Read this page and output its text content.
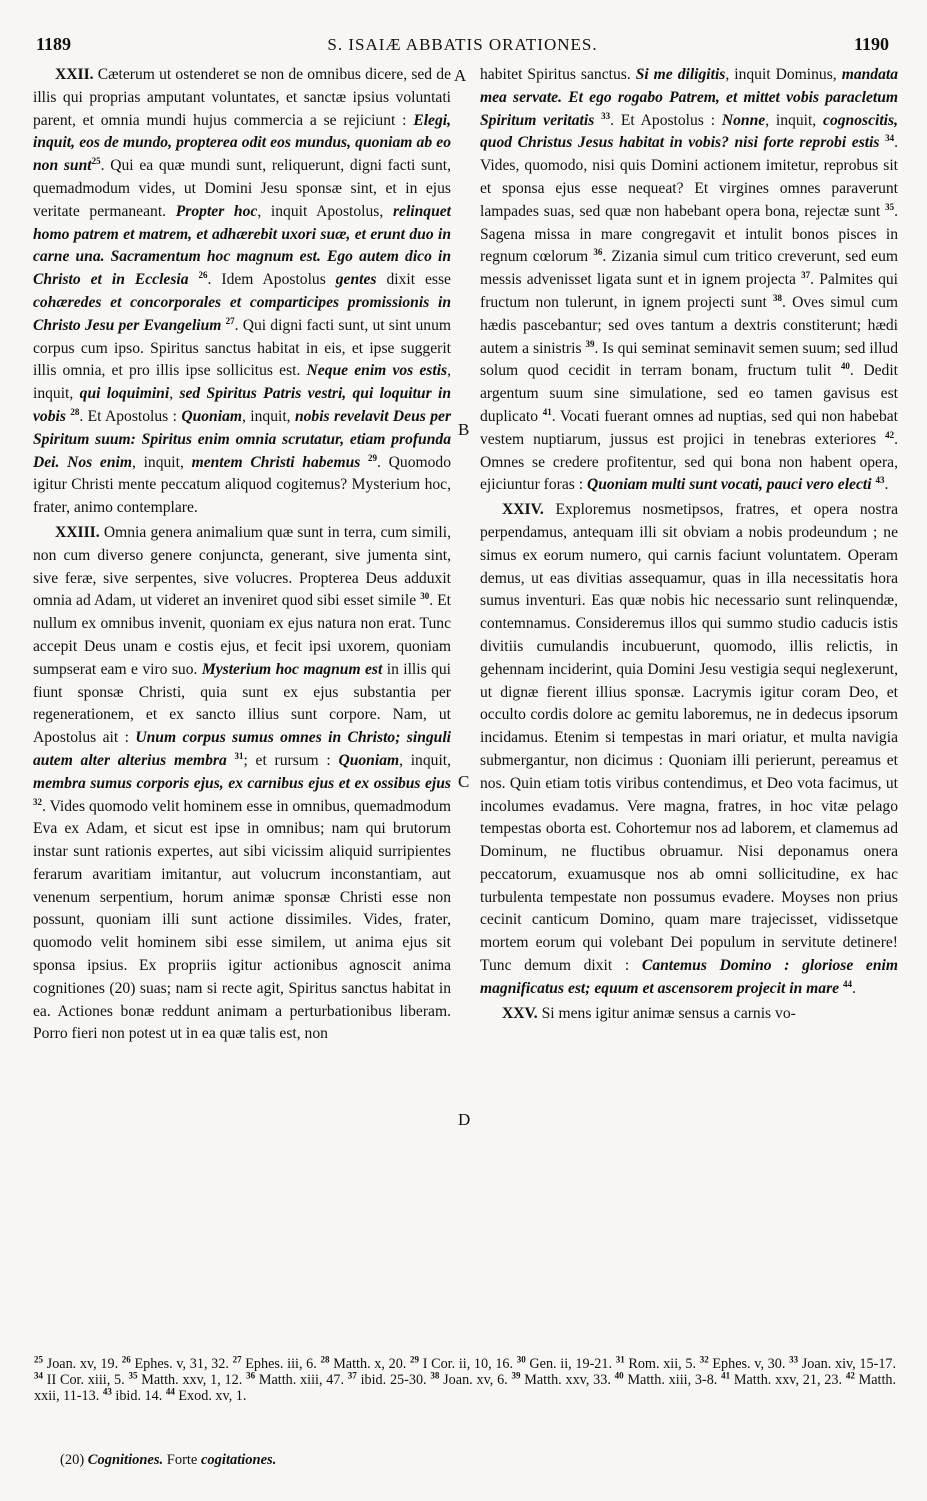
1189	S. ISAIÆ ABBATIS ORATIONES.	1190
A
B
C
D

XXII. Cæterum ut ostenderet se non de omnibus dicere, sed de illis qui proprias amputant voluntates, et sanctæ ipsius voluntati parent, et omnia mundi hujus commercia a se rejiciunt : Elegi, inquit, eos de mundo, propterea odit eos mundus, quoniam ab eo non sunt$^{25}$. Qui ea quæ mundi sunt, reliquerunt, digni facti sunt, quemadmodum vides, ut Domini Jesu sponsæ sint, et in ejus veritate permaneant. Propter hoc, inquit Apostolus, relinquet homo patrem et matrem, et adhærebit uxori suæ, et erunt duo in carne una. Sacramentum hoc magnum est. Ego autem dico in Christo et in Ecclesia $^{26}$. Idem Apostolus gentes dixit esse cohæredes et concorporales et comparticipes promissionis in Christo Jesu per Evangelium $^{27}$. Qui digni facti sunt, ut sint unum corpus cum ipso. Spiritus sanctus habitat in eis, et ipse suggerit illis omnia, et pro illis ipse sollicitus est. Neque enim vos estis, inquit, qui loquimini, sed Spiritus Patris vestri, qui loquitur in vobis $^{28}$. Et Apostolus : Quoniam, inquit, nobis revelavit Deus per Spiritum suum: Spiritus enim omnia scrutatur, etiam profunda Dei. Nos enim, inquit, mentem Christi habemus $^{29}$. Quomodo igitur Christi mente peccatum aliquod cogitemus? Mysterium hoc, frater, animo contemplare.

XXIII. Omnia genera animalium quæ sunt in terra, cum simili, non cum diverso genere conjuncta, generant, sive jumenta sint, sive feræ, sive serpentes, sive volucres. Propterea Deus adduxit omnia ad Adam, ut videret an inveniret quod sibi esset simile $^{30}$. Et nullum ex omnibus invenit, quoniam ex ejus natura non erat. Tunc accepit Deus unam e costis ejus, et fecit ipsi uxorem, quoniam sumpserat eam e viro suo. Mysterium hoc magnum est in illis qui fiunt sponsæ Christi, quia sunt ex ejus substantia per regenerationem, et ex sancto illius sunt corpore. Nam, ut Apostolus ait : Unum corpus sumus omnes in Christo; singuli autem alter alterius membra $^{31}$; et rursum : Quoniam, inquit, membra sumus corporis ejus, ex carnibus ejus et ex ossibus ejus $^{32}$. Vides quomodo velit hominem esse in omnibus, quemadmodum Eva ex Adam, et sicut est ipse in omnibus; nam qui brutorum instar sunt rationis expertes, aut sibi vicissim aliquid surripientes ferarum avaritiam imitantur, aut volucrum inconstantiam, aut venenum serpentium, horum animæ sponsæ Christi esse non possunt, quoniam illi sunt actione dissimiles. Vides, frater, quomodo velit hominem sibi esse similem, ut anima ejus sit sponsa ipsius. Ex propriis igitur actionibus agnoscit anima cognitiones (20) suas; nam si recte agit, Spiritus sanctus habitat in ea. Actiones bonæ reddunt animam a perturbationibus liberam. Porro fieri non potest ut in ea quæ talis est, non

habitet Spiritus sanctus. Si me diligitis, inquit Dominus, mandata mea servate. Et ego rogabo Patrem, et mittet vobis paracletum Spiritum veritatis $^{33}$. Et Apostolus : Nonne, inquit, cognoscitis, quod Christus Jesus habitat in vobis? nisi forte reprobi estis $^{34}$. Vides, quomodo, nisi quis Domini actionem imitetur, reprobus sit et sponsa ejus esse nequeat? Et virgines omnes paraverunt lampades suas, sed quæ non habebant opera bona, rejectæ sunt $^{35}$. Sagena missa in mare congregavit et intulit bonos pisces in regnum cœlorum $^{36}$. Zizania simul cum tritico creverunt, sed eum messis advenisset ligata sunt et in ignem projecta $^{37}$. Palmites qui fructum non tulerunt, in ignem projecti sunt $^{38}$. Oves simul cum hædis pascebantur; sed oves tantum a dextris constiterunt; hædi autem a sinistris $^{39}$. Is qui seminat seminavit semen suum; sed illud solum quod cecidit in terram bonam, fructum tulit $^{40}$. Dedit argentum suum sine simulatione, sed eo tamen gavisus est duplicato $^{41}$. Vocati fuerant omnes ad nuptias, sed qui non habebat vestem nuptiarum, jussus est projici in tenebras exteriores $^{42}$. Omnes se credere profitentur, sed qui bona non habent opera, ejiciuntur foras : Quoniam multi sunt vocati, pauci vero electi $^{43}$.

XXIV. Exploremus nosmetipsos, fratres, et opera nostra perpendamus, antequam illi sit obviam a nobis prodeundum ; ne simus ex eorum numero, qui carnis faciunt voluntatem. Operam demus, ut eas divitias assequamur, quas in illa necessitatis hora sumus inventuri. Eas quæ nobis hic necessario sunt relinquendæ, contemnamus. Consideremus illos qui summo studio caducis istis divitiis cumulandis incubuerunt, quomodo, illis relictis, in gehennam inciderint, quia Domini Jesu vestigia sequi neglexerunt, ut dignæ fierent illius sponsæ. Lacrymis igitur coram Deo, et occulto cordis dolore ac gemitu laboremus, ne in dedecus ipsorum incidamus. Etenim si tempestas in mari oriatur, et multa navigia submergantur, non dicimus : Quoniam illi perierunt, pereamus et nos. Quin etiam totis viribus contendimus, et Deo vota facimus, ut incolumes evadamus. Vere magna, fratres, in hoc vitæ pelago tempestas oborta est. Cohortemur nos ad laborem, et clamemus ad Dominum, ne fluctibus obruamur. Nisi deponamus onera peccatorum, exuamusque nos ab omni sollicitudine, ex hac turbulenta tempestate non possumus evadere. Moyses non prius cecinit canticum Domino, quam mare trajecisset, vidissetque mortem eorum qui volebant Dei populum in servitute detinere! Tunc demum dixit : Cantemus Domino : gloriose enim magnificatus est; equum et ascensorem projecit in mare $^{44}$.

XXV. Si mens igitur animæ sensus a carnis vo-

$^{25}$ Joan. xv, 19. $^{26}$ Ephes. v, 31, 32. $^{27}$ Ephes. iii, 6. $^{28}$ Matth. x, 20. $^{29}$ I Cor. ii, 10, 16. $^{30}$ Gen. ii, 19-21. $^{31}$ Rom. xii, 5. $^{32}$ Ephes. v, 30. $^{33}$ Joan. xiv, 15-17. $^{34}$ II Cor. xiii, 5. $^{35}$ Matth. xxv, 1, 12. $^{36}$ Matth. xiii, 47. $^{37}$ ibid. 25-30. $^{38}$ Joan. xv, 6. $^{39}$ Matth. xxv, 33. $^{40}$ Matth. xiii, 3-8. $^{41}$ Matth. xxv, 21, 23. $^{42}$ Matth. xxii, 11-13. $^{43}$ ibid. 14. $^{44}$ Exod. xv, 1.
(20) Cognitiones. Forte cogitationes.
